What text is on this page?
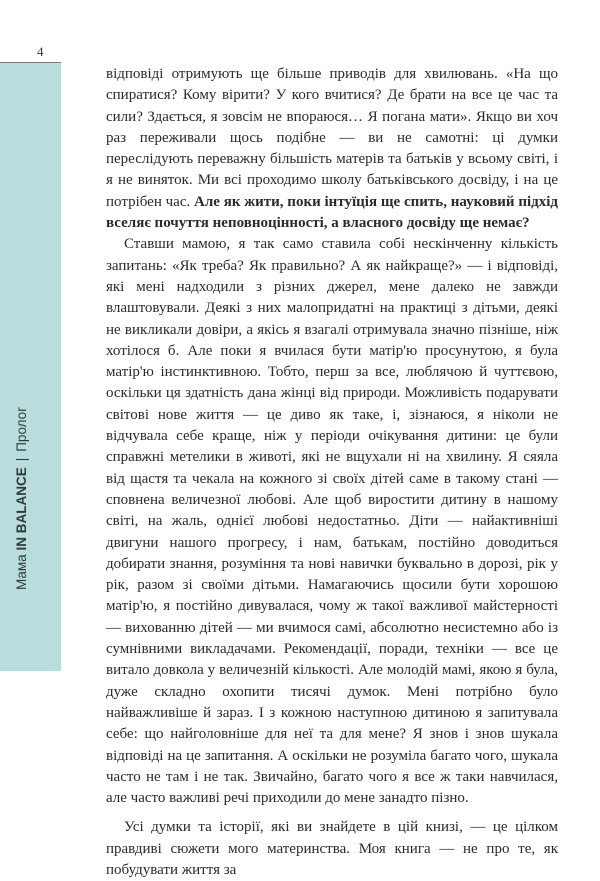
4
Мама

IN BALANCE
|
Пролог

відповіді отримують ще більше приводів для хвилювань. «На що спиратися? Кому вірити? У кого вчитися? Де брати на все це час та сили? Здається, я зовсім не впораюся… Я погана мати». Якщо ви хоч раз переживали щось подібне — ви не самотні: ці думки переслідують переважну більшість матерів та батьків у всьому світі, і я не виняток. Ми всі проходимо школу батьківського досвіду, і на це потрібен час. Але як жити, поки інтуїція ще спить, науковий підхід вселяє почуття неповноцінності, а власного досвіду ще немає?

Ставши мамою, я так само ставила собі нескінченну кількість запитань: «Як треба? Як правильно? А як найкраще?» — і відповіді, які мені надходили з різних джерел, мене далеко не завжди влаштовували. Деякі з них малопридатні на практиці з дітьми, деякі не викликали довіри, а якісь я взагалі отримувала значно пізніше, ніж хотілося б. Але поки я вчилася бути матір'ю просунутою, я була матір'ю інстинктивною. Тобто, перш за все, люблячою й чуттєвою, оскільки ця здатність дана жінці від природи. Можливість подарувати світові нове життя — це диво як таке, і, зізнаюся, я ніколи не відчувала себе краще, ніж у періоди очікування дитини: це були справжні метелики в животі, які не вщухали ні на хвилину. Я сяяла від щастя та чекала на кожного зі своїх дітей саме в такому стані — сповнена величезної любові. Але щоб виростити дитину в нашому світі, на жаль, однієї любові недостатньо. Діти — найактивніші двигуни нашого прогресу, і нам, батькам, постійно доводиться добирати знання, розуміння та нові навички буквально в дорозі, рік у рік, разом зі своїми дітьми. Намагаючись щосили бути хорошою матір'ю, я постійно дивувалася, чому ж такої важливої майстерності — вихованню дітей — ми вчимося самі, абсолютно несистемно або із сумнівними викладачами. Рекомендації, поради, техніки — все це витало довкола у величезній кількості. Але молодій мамі, якою я була, дуже складно охопити тисячі думок. Мені потрібно було найважливіше й зараз. І з кожною наступною дитиною я запитувала себе: що найголовніше для неї та для мене? Я знов і знов шукала відповіді на це запитання. А оскільки не розуміла багато чого, шукала часто не там і не так. Звичайно, багато чого я все ж таки навчилася, але часто важливі речі приходили до мене занадто пізно.

Усі думки та історії, які ви знайдете в цій книзі, — це цілком правдиві сюжети мого материнства. Моя книга — не про те, як побудувати життя за
